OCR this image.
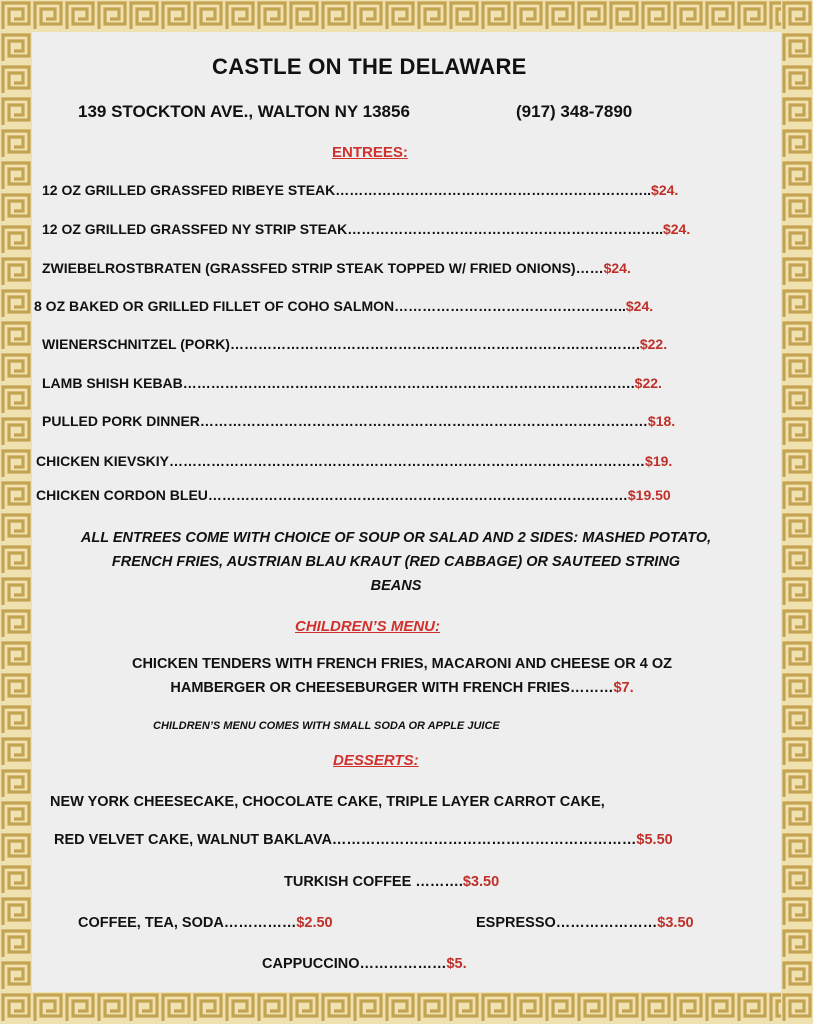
CASTLE ON THE DELAWARE
139 STOCKTON AVE., WALTON NY 13856	(917) 348-7890
ENTREES:
12 OZ GRILLED GRASSFED RIBEYE STEAK…………………………………………………………..$24.
12 OZ GRILLED GRASSFED NY STRIP STEAK…………………………………………………………..$24.
ZWIEBELROSTBRATEN (GRASSFED STRIP STEAK TOPPED W/ FRIED ONIONS)……$24.
8 OZ BAKED OR GRILLED FILLET OF COHO SALMON…………………………………………..$24.
WIENERSCHNITZEL (PORK)…………………………………………………………………………….$22.
LAMB SHISH KEBAB…………………………………………………………………………………….$22.
PULLED PORK DINNER……………………………………………………………………………………$18.
CHICKEN KIEVSKIY…………………………………………………………………………………………$19.
CHICKEN CORDON BLEU………………………………………………………………………………$19.50
ALL ENTREES COME WITH CHOICE OF SOUP OR SALAD AND 2 SIDES: MASHED POTATO,
FRENCH FRIES, AUSTRIAN BLAU KRAUT (RED CABBAGE) OR SAUTEED STRING
BEANS
CHILDREN’S MENU:
CHICKEN TENDERS WITH FRENCH FRIES, MACARONI AND CHEESE OR 4 OZ
HAMBERGER OR CHEESEBURGER WITH FRENCH FRIES………$7.
CHILDREN’S MENU COMES WITH SMALL SODA OR APPLE JUICE
DESSERTS:
NEW YORK CHEESECAKE, CHOCOLATE CAKE, TRIPLE LAYER CARROT CAKE,
RED VELVET CAKE, WALNUT BAKLAVA………………………………………………………$5.50
TURKISH COFFEE ……….$3.50
COFFEE, TEA, SODA……………$2.50	ESPRESSO…………………$3.50
CAPPUCCINO………………$5.
